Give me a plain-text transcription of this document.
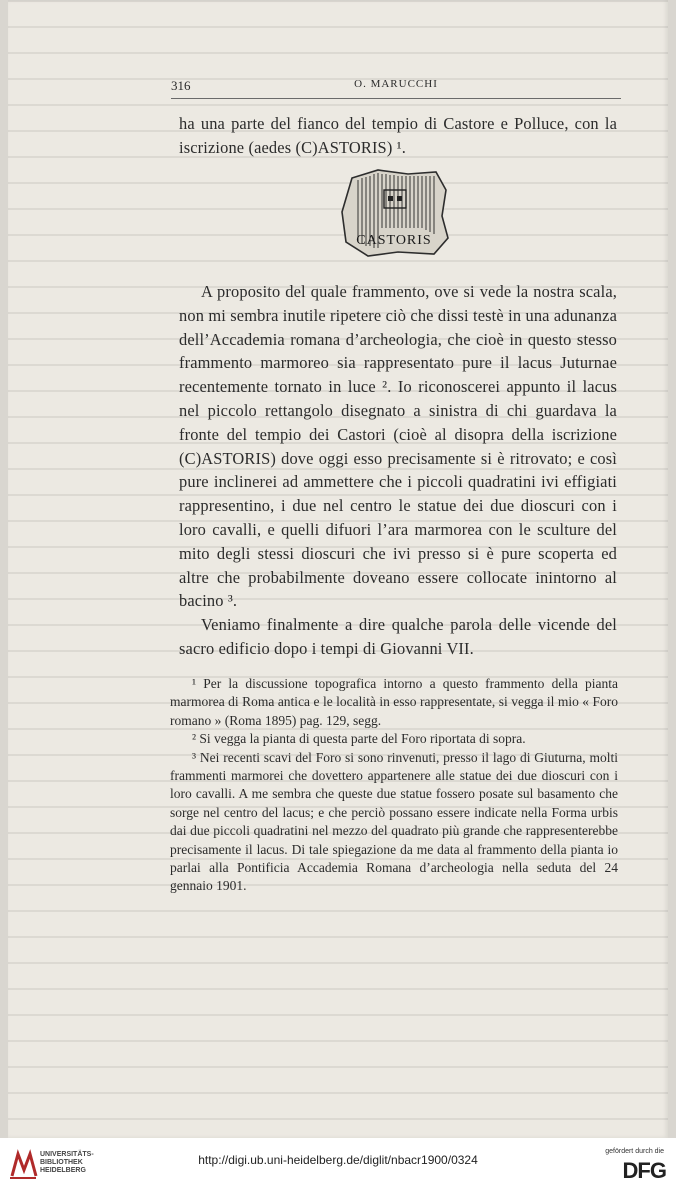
316	O. MARUCCHI

ha una parte del fianco del tempio di Castore e Polluce, con la iscrizione (aedes (C)ASTORIS) ¹.

CASTORIS

A proposito del quale frammento, ove si vede la nostra scala, non mi sembra inutile ripetere ciò che dissi testè in una adunanza dell’Accademia romana d’archeologia, che cioè in questo stesso frammento marmoreo sia rappresentato pure il lacus Juturnae recentemente tornato in luce ². Io riconoscerei appunto il lacus nel piccolo rettangolo disegnato a sinistra di chi guardava la fronte del tempio dei Castori (cioè al disopra della iscrizione (C)ASTORIS) dove oggi esso precisamente si è ritrovato; e così pure inclinerei ad ammettere che i piccoli quadratini ivi effigiati rappresentino, i due nel centro le statue dei due dioscuri con i loro cavalli, e quelli difuori l’ara marmorea con le sculture del mito degli stessi dioscuri che ivi presso si è pure scoperta ed altre che probabilmente doveano essere collocate inintorno al bacino ³.

Veniamo finalmente a dire qualche parola delle vicende del sacro edificio dopo i tempi di Giovanni VII.

¹ Per la discussione topografica intorno a questo frammento della pianta marmorea di Roma antica e le località in esso rappresentate, si vegga il mio « Foro romano » (Roma 1895) pag. 129, segg.

² Si vegga la pianta di questa parte del Foro riportata di sopra.

³ Nei recenti scavi del Foro si sono rinvenuti, presso il lago di Giuturna, molti frammenti marmorei che dovettero appartenere alle statue dei due dioscuri con i loro cavalli. A me sembra che queste due statue fossero posate sul basamento che sorge nel centro del lacus; e che perciò possano essere indicate nella Forma urbis dai due piccoli quadratini nel mezzo del quadrato più grande che rappresenterebbe precisamente il lacus. Di tale spiegazione da me data al frammento della pianta io parlai alla Pontificia Accademia Romana d’archeologia nella seduta del 24 gennaio 1901.

UNIVERSITÄTS-
BIBLIOTHEK
HEIDELBERG
http://digi.ub.uni-heidelberg.de/diglit/nbacr1900/0324
gefördert durch die
DFG
